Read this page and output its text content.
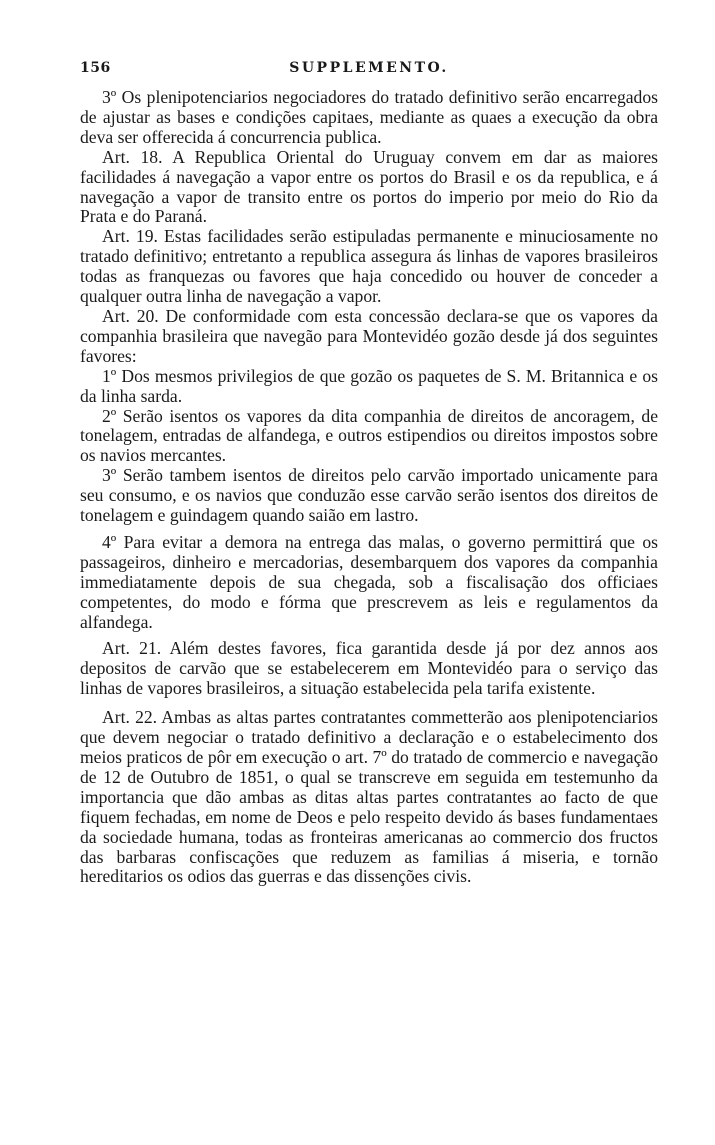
156	SUPPLEMENTO.

3º Os plenipotenciarios negociadores do tratado definitivo serão encarregados de ajustar as bases e condições capitaes, mediante as quaes a execução da obra deva ser offerecida á concurrencia publica.

Art. 18. A Republica Oriental do Uruguay convem em dar as maiores facilidades á navegação a vapor entre os portos do Brasil e os da republica, e á navegação a vapor de transito entre os portos do imperio por meio do Rio da Prata e do Paraná.

Art. 19. Estas facilidades serão estipuladas permanente e minuciosamente no tratado definitivo; entretanto a republica assegura ás linhas de vapores brasileiros todas as franquezas ou favores que haja concedido ou houver de conceder a qualquer outra linha de navegação a vapor.

Art. 20. De conformidade com esta concessão declara-se que os vapores da companhia brasileira que navegão para Montevidéo gozão desde já dos seguintes favores:

1º Dos mesmos privilegios de que gozão os paquetes de S. M. Britannica e os da linha sarda.

2º Serão isentos os vapores da dita companhia de direitos de ancoragem, de tonelagem, entradas de alfandega, e outros estipendios ou direitos impostos sobre os navios mercantes.

3º Serão tambem isentos de direitos pelo carvão importado unicamente para seu consumo, e os navios que conduzão esse carvão serão isentos dos direitos de tonelagem e guindagem quando saião em lastro.

4º Para evitar a demora na entrega das malas, o governo permittirá que os passageiros, dinheiro e mercadorias, desembarquem dos vapores da companhia immediatamente depois de sua chegada, sob a fiscalisação dos officiaes competentes, do modo e fórma que prescrevem as leis e regulamentos da alfandega.

Art. 21. Além destes favores, fica garantida desde já por dez annos aos depositos de carvão que se estabelecerem em Montevidéo para o serviço das linhas de vapores brasileiros, a situação estabelecida pela tarifa existente.

Art. 22. Ambas as altas partes contratantes commetterão aos plenipotenciarios que devem negociar o tratado definitivo a declaração e o estabelecimento dos meios praticos de pôr em execução o art. 7º do tratado de commercio e navegação de 12 de Outubro de 1851, o qual se transcreve em seguida em testemunho da importancia que dão ambas as ditas altas partes contratantes ao facto de que fiquem fechadas, em nome de Deos e pelo respeito devido ás bases fundamentaes da sociedade humana, todas as fronteiras americanas ao commercio dos fructos das barbaras confiscações que reduzem as familias á miseria, e tornão hereditarios os odios das guerras e das dissenções civis.
